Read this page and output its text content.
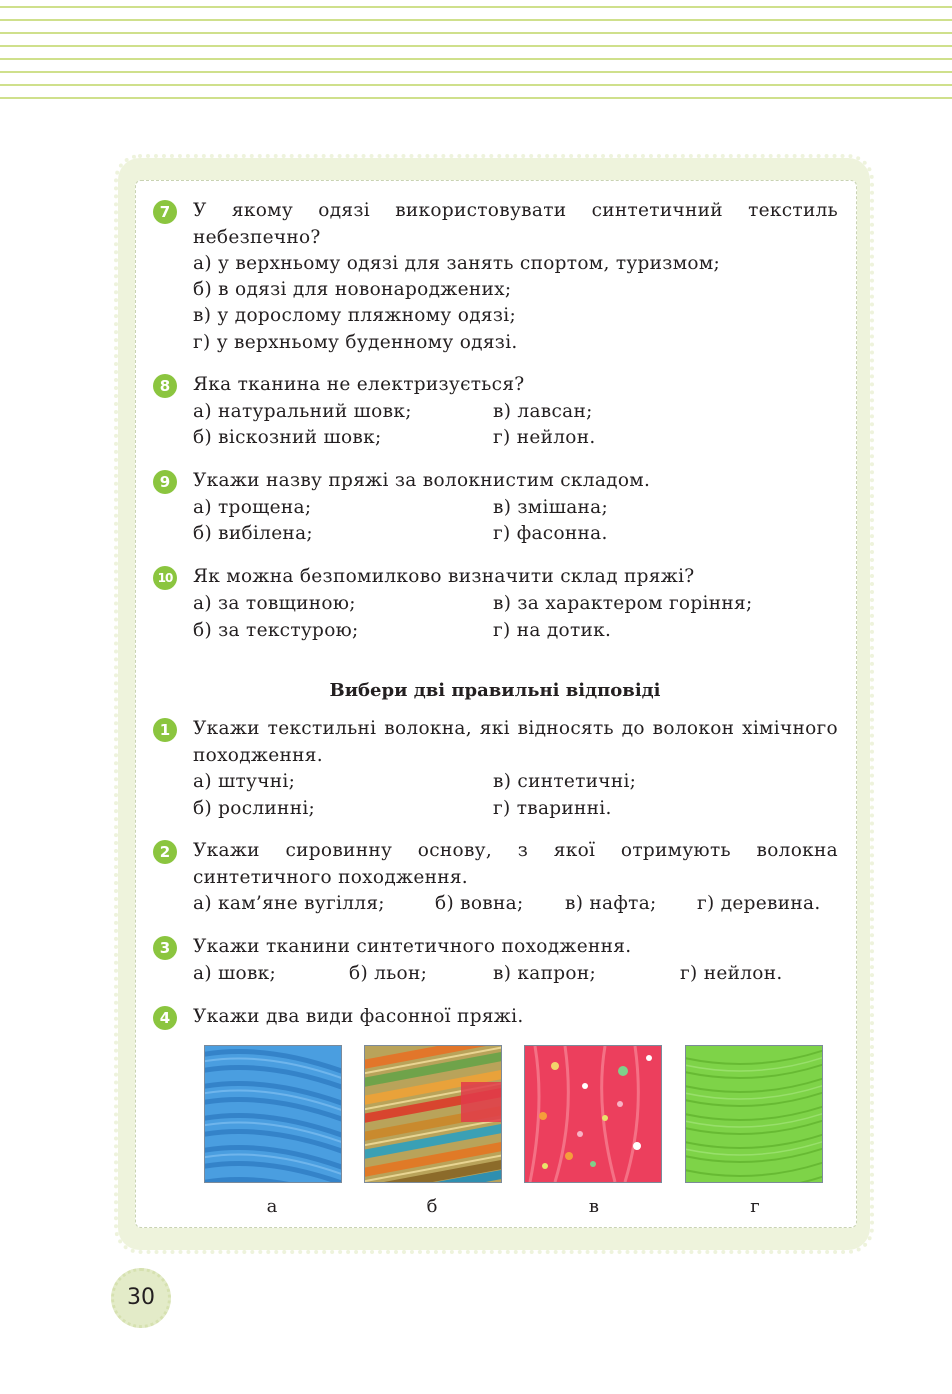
7	У якому одязі використовувати синтетичний текстиль небезпечно?
а) у верхньому одязі для занять спортом, туризмом;
б) в одязі для новонароджених;
в) у дорослому пляжному одязі;
г) у верхньому буденному одязі.
8	Яка тканина не електризується?
а) натуральний шовк;	в) лавсан;
б) віскозний шовк;	г) нейлон.
9	Укажи назву пряжі за волокнистим складом.
а) трощена;	в) змішана;
б) вибілена;	г) фасонна.
10 Як можна безпомилково визначити склад пряжі?
а) за товщиною;	в) за характером горіння;
б) за текстурою;	г) на дотик.
Вибери дві правильні відповіді
1	Укажи текстильні волокна, які відносять до волокон хімічного походження.
а) штучні;	в) синтетичні;
б) рослинні;	г) тваринні.
2	Укажи сировинну основу, з якої отримують волокна синтетичного походження.
а) кам’яне вугілля;	б) вовна; в) нафта; г) деревина.
3	Укажи тканини синтетичного походження.
а) шовк;	б) льон;	в) капрон;	г) нейлон.
4	Укажи два види фасонної пряжі.
а	б	в	г
30
